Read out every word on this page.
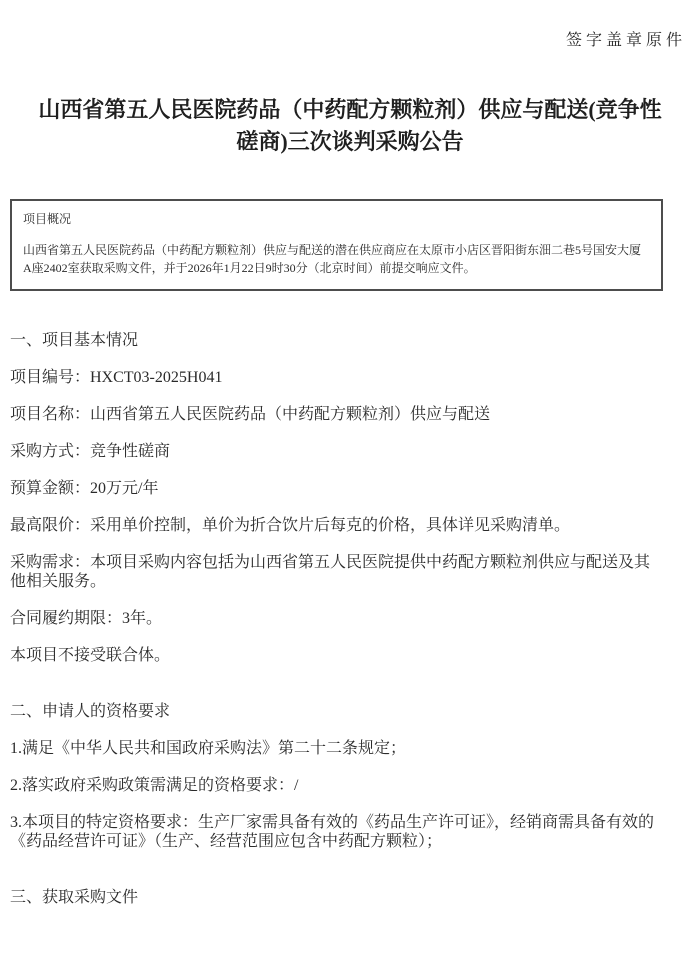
签字盖章原件
山西省第五人民医院药品（中药配方颗粒剂）供应与配送(竞争性
磋商)三次谈判采购公告
项目概况

山西省第五人民医院药品（中药配方颗粒剂）供应与配送的潜在供应商应在太原市小店区晋阳街东沺二巷5号国安大厦A座2402室获取采购文件，并于2026年1月22日9时30分（北京时间）前提交响应文件。

一、项目基本情况

项目编号：HXCT03-2025H041

项目名称：山西省第五人民医院药品（中药配方颗粒剂）供应与配送

采购方式：竞争性磋商

预算金额：20万元/年

最高限价：采用单价控制，单价为折合饮片后每克的价格，具体详见采购清单。

采购需求：本项目采购内容包括为山西省第五人民医院提供中药配方颗粒剂供应与配送及其他相关服务。

合同履约期限：3年。

本项目不接受联合体。

二、申请人的资格要求

1.满足《中华人民共和国政府采购法》第二十二条规定；

2.落实政府采购政策需满足的资格要求：/

3.本项目的特定资格要求：生产厂家需具备有效的《药品生产许可证》，经销商需具备有效的《药品经营许可证》（生产、经营范围应包含中药配方颗粒）；

三、获取采购文件
